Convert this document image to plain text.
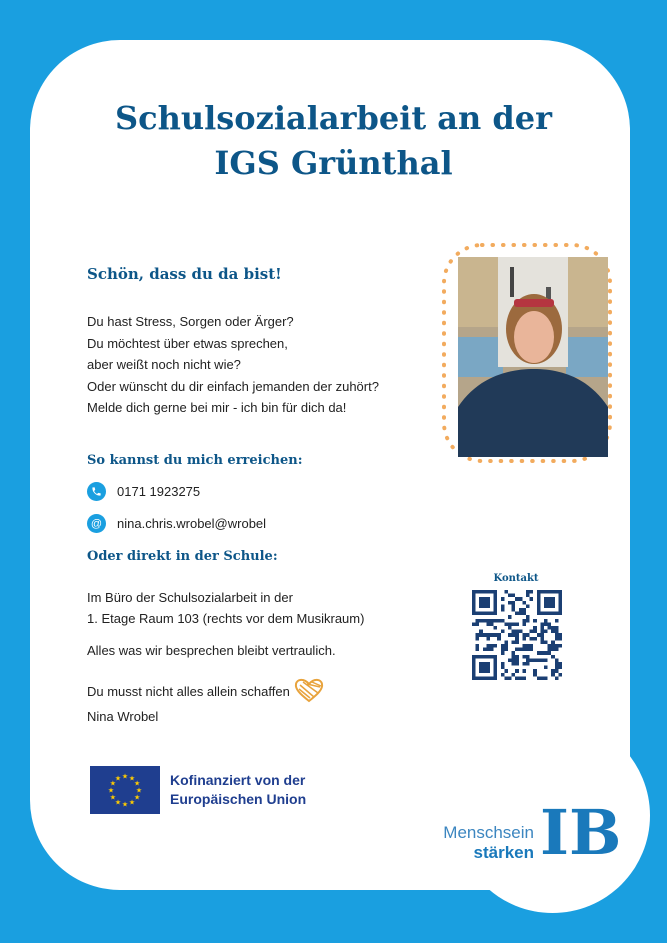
Schulsozialarbeit an der
IGS Grünthal
Schön, dass du da bist!
Du hast Stress, Sorgen oder Ärger?
Du möchtest über etwas sprechen,
aber weißt noch nicht wie?
Oder wünscht du dir einfach jemanden der zuhört?
Melde dich gerne bei mir - ich bin für dich da!
So kannst du mich erreichen:
0171 1923275
@	nina.chris.wrobel@wrobel
Oder direkt in der Schule:
Im Büro der Schulsozialarbeit in der
1. Etage Raum 103 (rechts vor dem Musikraum)
Alles was wir besprechen bleibt vertraulich.
Du musst nicht alles allein schaffen
Nina Wrobel
Kontakt
★ ★
★
★
★
★
★
★
★
★
★
★	Kofinanziert von der
Europäischen Union
Menschsein
stärken IB
